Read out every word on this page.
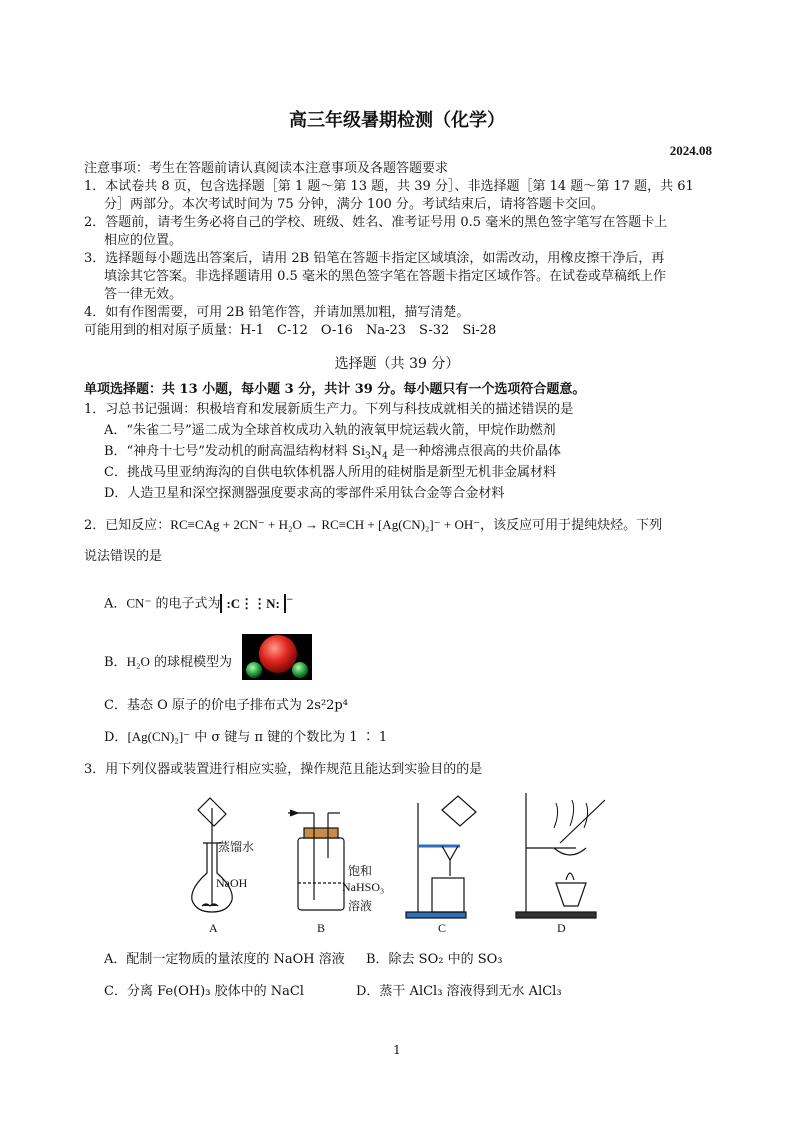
高三年级暑期检测（化学）
2024.08
注意事项：考生在答题前请认真阅读本注意事项及各题答题要求
1．本试卷共 8 页，包含选择题［第 1 题～第 13 题，共 39 分］、非选择题［第 14 题～第 17 题，共 61
分］两部分。本次考试时间为 75 分钟，满分 100 分。考试结束后，请将答题卡交回。
2．答题前，请考生务必将自己的学校、班级、姓名、准考证号用 0.5 毫米的黑色签字笔写在答题卡上
相应的位置。
3．选择题每小题选出答案后，请用 2B 铅笔在答题卡指定区域填涂，如需改动，用橡皮擦干净后，再
填涂其它答案。非选择题请用 0.5 毫米的黑色签字笔在答题卡指定区域作答。在试卷或草稿纸上作
答一律无效。
4．如有作图需要，可用 2B 铅笔作答，并请加黑加粗，描写清楚。
可能用到的相对原子质量：H-1　C-12　O-16　Na-23　S-32　Si-28
选择题（共 39 分）
单项选择题：共 13 小题，每小题 3 分，共计 39 分。每小题只有一个选项符合题意。
1．习总书记强调：积极培育和发展新质生产力。下列与科技成就相关的描述错误的是
A．“朱雀二号”遥二成为全球首枚成功入轨的液氧甲烷运载火箭，甲烷作助燃剂
B．“神舟十七号”发动机的耐高温结构材料 $Si_3N_4$ 是一种熔沸点很高的共价晶体
C．挑战马里亚纳海沟的自供电软体机器人所用的硅树脂是新型无机非金属材料
D．人造卫星和深空探测器强度要求高的零部件采用钛合金等合金材料
2．已知反应：RC≡CAg + 2CN⁻ + H₂O → RC≡CH + [Ag(CN)₂]⁻ + OH⁻，该反应可用于提纯炔烃。下列
说法错误的是
A．CN⁻ 的电子式为 :C⋮⋮N: −
B．H₂O 的球棍模型为
C．基态 O 原子的价电子排布式为 2s²2p⁴
D．[Ag(CN)₂]⁻ 中 σ 键与 π 键的个数比为 1 ∶ 1
3．用下列仪器或装置进行相应实验，操作规范且能达到实验目的的是
蒸馏水
NaOH
饱和
NaHSO₃
溶液
A	B	C	D
A．配制一定物质的量浓度的 NaOH 溶液 B．除去 SO₂ 中的 SO₃
C．分离 Fe(OH)₃ 胶体中的 NaCl	D．蒸干 AlCl₃ 溶液得到无水 AlCl₃
1
